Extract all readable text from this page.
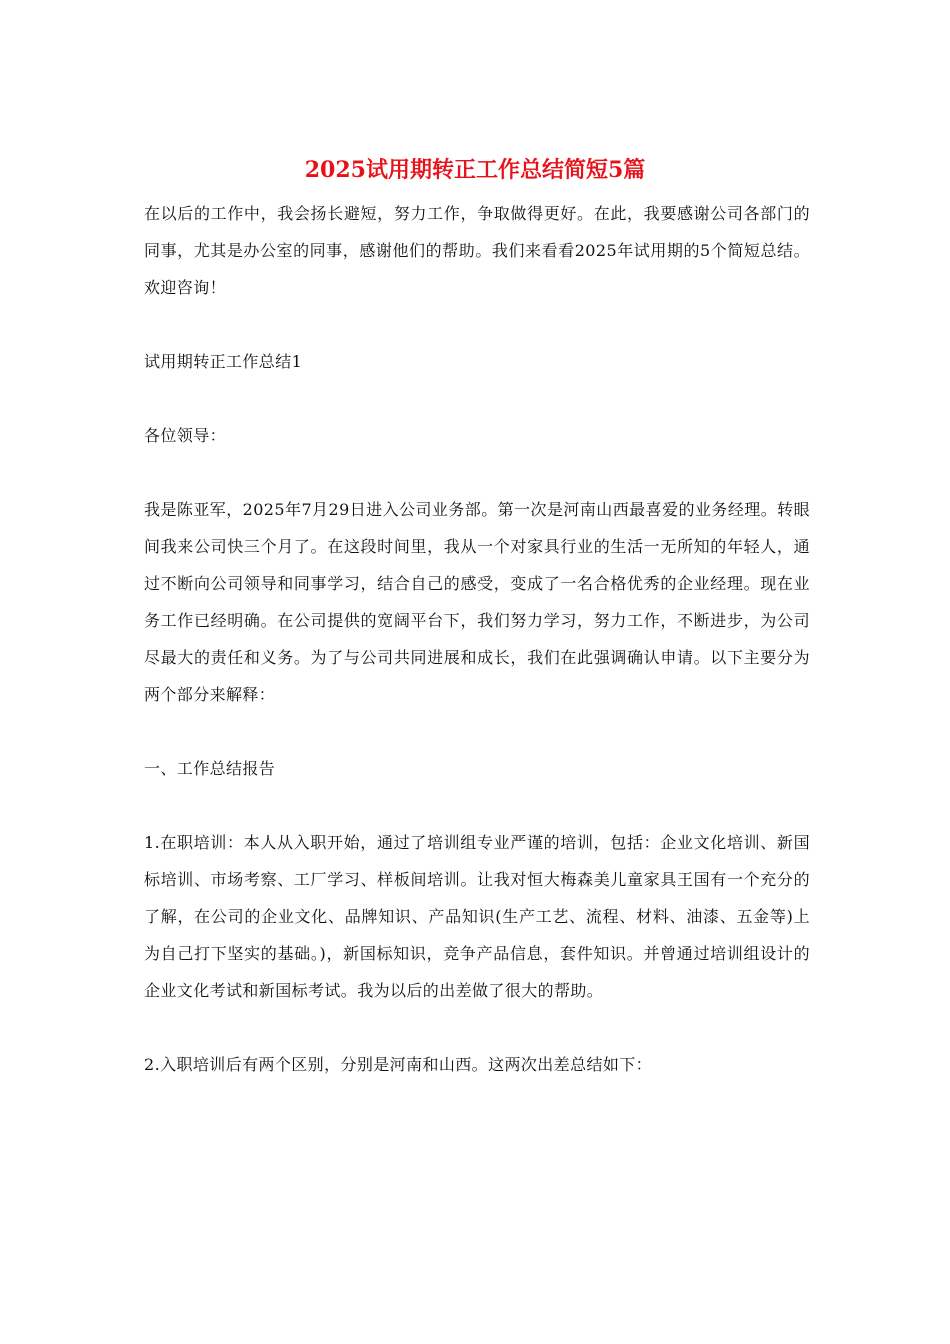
2025试用期转正工作总结简短5篇

在以后的工作中，我会扬长避短，努力工作，争取做得更好。在此，我要感谢公司各部门的同事，尤其是办公室的同事，感谢他们的帮助。我们来看看2025年试用期的5个简短总结。欢迎咨询！

试用期转正工作总结1

各位领导：

我是陈亚军，2025年7月29日进入公司业务部。第一次是河南山西最喜爱的业务经理。转眼间我来公司快三个月了。在这段时间里，我从一个对家具行业的生活一无所知的年轻人，通过不断向公司领导和同事学习，结合自己的感受，变成了一名合格优秀的企业经理。现在业务工作已经明确。在公司提供的宽阔平台下，我们努力学习，努力工作，不断进步，为公司尽最大的责任和义务。为了与公司共同进展和成长，我们在此强调确认申请。以下主要分为两个部分来解释：

一、工作总结报告

1.在职培训：本人从入职开始，通过了培训组专业严谨的培训，包括：企业文化培训、新国标培训、市场考察、工厂学习、样板间培训。让我对恒大梅森美儿童家具王国有一个充分的了解，在公司的企业文化、品牌知识、产品知识(生产工艺、流程、材料、油漆、五金等)上为自己打下坚实的基础。)，新国标知识，竞争产品信息，套件知识。并曾通过培训组设计的企业文化考试和新国标考试。我为以后的出差做了很大的帮助。

2.入职培训后有两个区别，分别是河南和山西。这两次出差总结如下：
